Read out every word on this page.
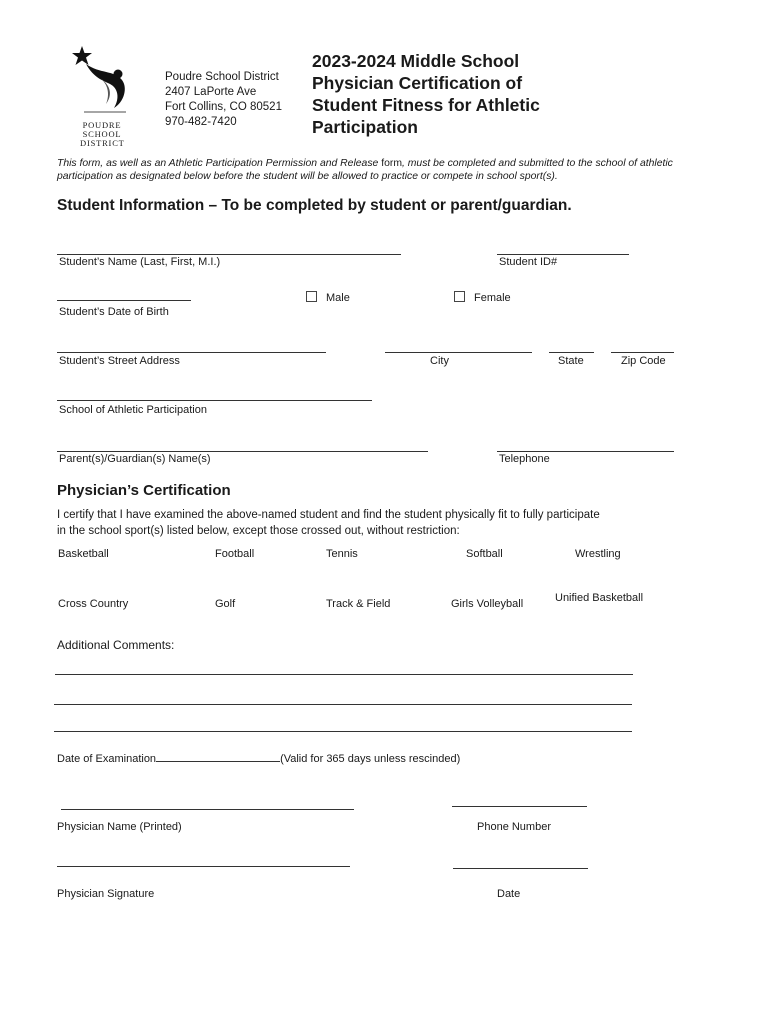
POUDRE
SCHOOL
DISTRICT
Poudre School District
2407 LaPorte Ave
Fort Collins, CO 80521
970-482-7420
2023-2024 Middle School
Physician Certification of
Student Fitness for Athletic
Participation
This form, as well as an Athletic Participation Permission and Release form, must be completed and submitted to the school of athletic participation as designated below before the student will be allowed to practice or compete in school sport(s).
Student Information – To be completed by student or parent/guardian.
Student’s Name (Last, First, M.I.)	Student ID#
Student’s Date of Birth
Male	Female
Student’s Street Address	City	State	Zip Code
School of Athletic Participation
Parent(s)/Guardian(s) Name(s)	Telephone
Physician’s Certification
I certify that I have examined the above-named student and find the student physically fit to fully participate
in the school sport(s) listed below, except those crossed out, without restriction:
Basketball	Football	Tennis	Softball	Wrestling
Cross Country	Golf	Track & Field	Girls Volleyball	Unified Basketball
Additional Comments:
Date of Examination	(Valid for 365 days unless rescinded)
Physician Name (Printed)	Phone Number
Physician Signature	Date
